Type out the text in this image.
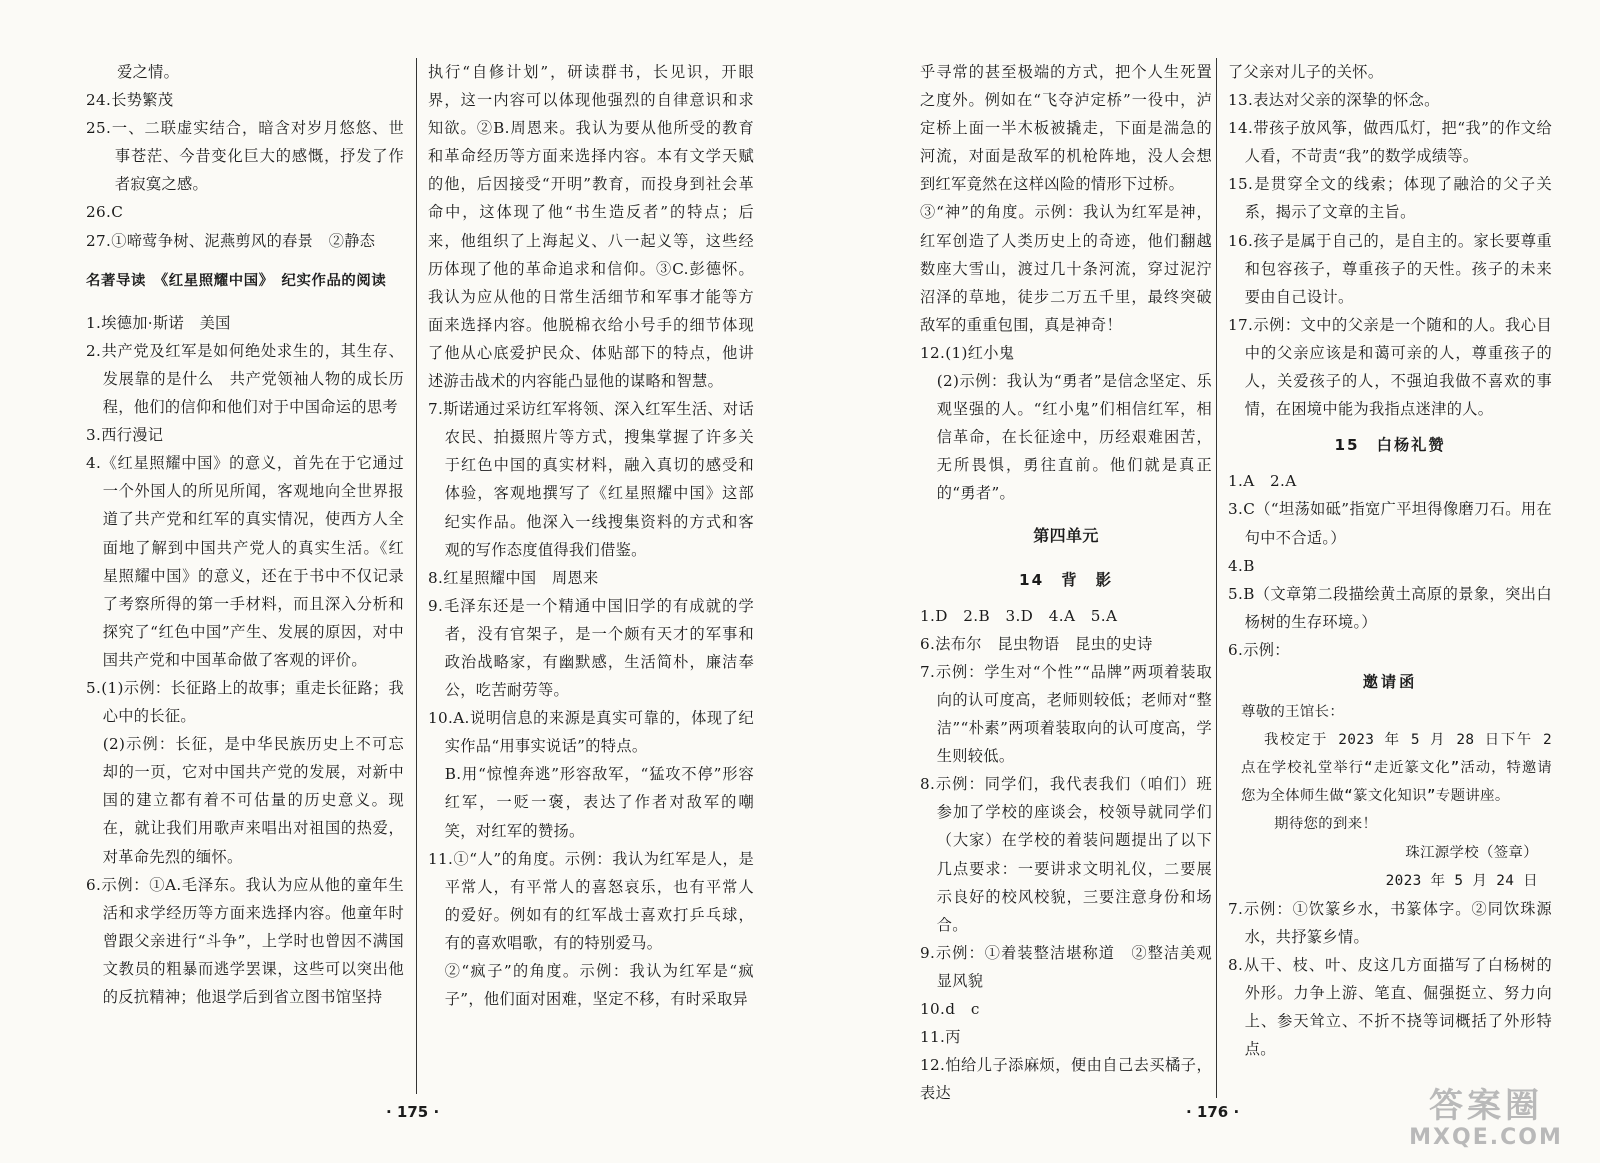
　　爱之情。

24.长势繁茂

25.一、二联虚实结合，暗含对岁月悠悠、世事苍茫、今昔变化巨大的感慨，抒发了作者寂寞之感。

26.C

27.①啼莺争树、泥燕剪风的春景　②静态

名著导读　《红星照耀中国》　纪实作品的阅读

1.埃德加·斯诺　美国

2.共产党及红军是如何绝处求生的，其生存、发展靠的是什么　共产党领袖人物的成长历程，他们的信仰和他们对于中国命运的思考

3.西行漫记

4.《红星照耀中国》的意义，首先在于它通过一个外国人的所见所闻，客观地向全世界报道了共产党和红军的真实情况，使西方人全面地了解到中国共产党人的真实生活。《红星照耀中国》的意义，还在于书中不仅记录了考察所得的第一手材料，而且深入分析和探究了“红色中国”产生、发展的原因，对中国共产党和中国革命做了客观的评价。

5.(1)示例：长征路上的故事；重走长征路；我心中的长征。

(2)示例：长征，是中华民族历史上不可忘却的一页，它对中国共产党的发展，对新中国的建立都有着不可估量的历史意义。现在，就让我们用歌声来唱出对祖国的热爱，对革命先烈的缅怀。

6.示例：①A.毛泽东。我认为应从他的童年生活和求学经历等方面来选择内容。他童年时曾跟父亲进行“斗争”，上学时也曾因不满国文教员的粗暴而逃学罢课，这些可以突出他的反抗精神；他退学后到省立图书馆坚持

执行“自修计划”，研读群书，长见识，开眼界，这一内容可以体现他强烈的自律意识和求知欲。②B.周恩来。我认为要从他所受的教育和革命经历等方面来选择内容。本有文学天赋的他，后因接受“开明”教育，而投身到社会革命中，这体现了他“书生造反者”的特点；后来，他组织了上海起义、八一起义等，这些经历体现了他的革命追求和信仰。③C.彭德怀。我认为应从他的日常生活细节和军事才能等方面来选择内容。他脱棉衣给小号手的细节体现了他从心底爱护民众、体贴部下的特点，他讲述游击战术的内容能凸显他的谋略和智慧。

7.斯诺通过采访红军将领、深入红军生活、对话农民、拍摄照片等方式，搜集掌握了许多关于红色中国的真实材料，融入真切的感受和体验，客观地撰写了《红星照耀中国》这部纪实作品。他深入一线搜集资料的方式和客观的写作态度值得我们借鉴。

8.红星照耀中国　周恩来

9.毛泽东还是一个精通中国旧学的有成就的学者，没有官架子，是一个颇有天才的军事和政治战略家，有幽默感，生活简朴，廉洁奉公，吃苦耐劳等。

10.A.说明信息的来源是真实可靠的，体现了纪实作品“用事实说话”的特点。

B.用“惊惶奔逃”形容敌军，“猛攻不停”形容红军，一贬一褒，表达了作者对敌军的嘲笑，对红军的赞扬。

11.①“人”的角度。示例：我认为红军是人，是平常人，有平常人的喜怒哀乐，也有平常人的爱好。例如有的红军战士喜欢打乒乓球，有的喜欢唱歌，有的特别爱马。

②“疯子”的角度。示例：我认为红军是“疯子”，他们面对困难，坚定不移，有时采取异

· 175 ·

乎寻常的甚至极端的方式，把个人生死置之度外。例如在“飞夺泸定桥”一役中，泸定桥上面一半木板被撬走，下面是湍急的河流，对面是敌军的机枪阵地，没人会想到红军竟然在这样凶险的情形下过桥。

③“神”的角度。示例：我认为红军是神，红军创造了人类历史上的奇迹，他们翻越数座大雪山，渡过几十条河流，穿过泥泞沼泽的草地，徒步二万五千里，最终突破敌军的重重包围，真是神奇！

12.(1)红小鬼

(2)示例：我认为“勇者”是信念坚定、乐观坚强的人。“红小鬼”们相信红军，相信革命，在长征途中，历经艰难困苦，无所畏惧，勇往直前。他们就是真正的“勇者”。

第四单元
14　背　影

1.D　2.B　3.D　4.A　5.A

6.法布尔　昆虫物语　昆虫的史诗

7.示例：学生对“个性”“品牌”两项着装取向的认可度高，老师则较低；老师对“整洁”“朴素”两项着装取向的认可度高，学生则较低。

8.示例：同学们，我代表我们（咱们）班参加了学校的座谈会，校领导就同学们（大家）在学校的着装问题提出了以下几点要求：一要讲求文明礼仪，二要展示良好的校风校貌，三要注意身份和场合。

9.示例：①着装整洁堪称道　②整洁美观显风貌

10.d　c

11.丙

12.怕给儿子添麻烦，便由自己去买橘子，表达

了父亲对儿子的关怀。

13.表达对父亲的深挚的怀念。

14.带孩子放风筝，做西瓜灯，把“我”的作文给人看，不苛责“我”的数学成绩等。

15.是贯穿全文的线索；体现了融洽的父子关系，揭示了文章的主旨。

16.孩子是属于自己的，是自主的。家长要尊重和包容孩子，尊重孩子的天性。孩子的未来要由自己设计。

17.示例：文中的父亲是一个随和的人。我心目中的父亲应该是和蔼可亲的人，尊重孩子的人，关爱孩子的人，不强迫我做不喜欢的事情，在困境中能为我指点迷津的人。

15　白杨礼赞

1.A　2.A

3.C（“坦荡如砥”指宽广平坦得像磨刀石。用在句中不合适。）

4.B

5.B（文章第二段描绘黄土高原的景象，突出白杨树的生存环境。）

6.示例：

邀请函

尊敬的王馆长：

我校定于 2023 年 5 月 28 日下午 2 点在学校礼堂举行“走近篆文化”活动，特邀请您为全体师生做“篆文化知识”专题讲座。

期待您的到来！

珠江源学校（签章）

2023 年 5 月 24 日

7.示例：①饮篆乡水，书篆体字。②同饮珠源水，共抒篆乡情。

8.从干、枝、叶、皮这几方面描写了白杨树的外形。力争上游、笔直、倔强挺立、努力向上、参天耸立、不折不挠等词概括了外形特点。

· 176 ·	答案圈
MXQE.COM
